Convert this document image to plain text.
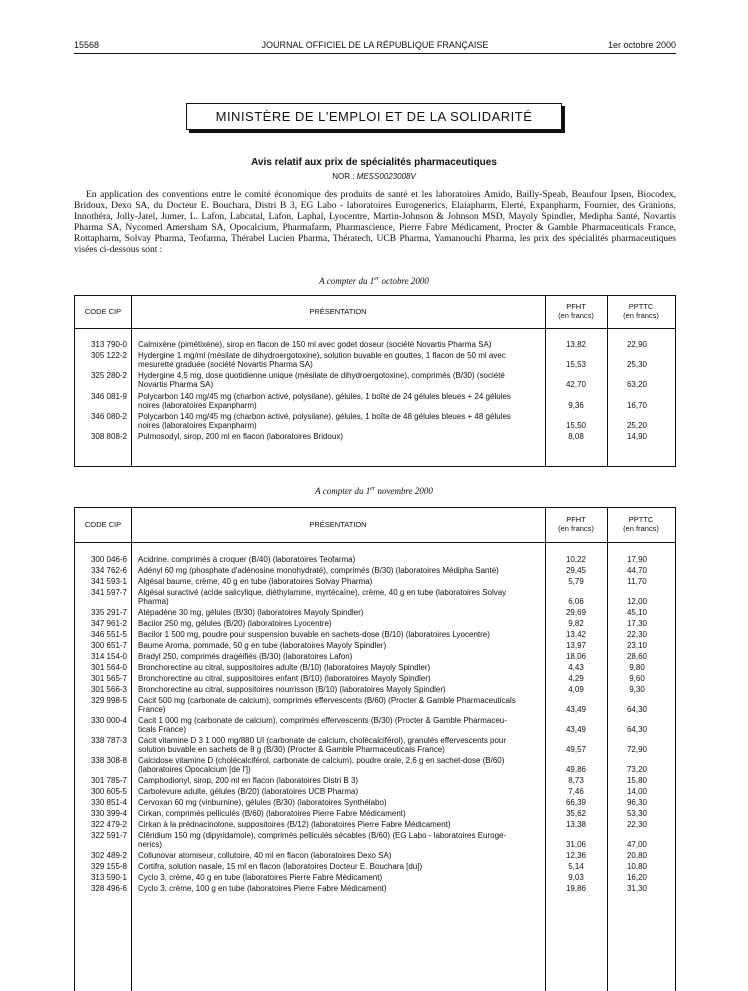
15568	JOURNAL OFFICIEL DE LA RÉPUBLIQUE FRANÇAISE	1er octobre 2000
MINISTÈRE DE L'EMPLOI ET DE LA SOLIDARITÉ
Avis relatif aux prix de spécialités pharmaceutiques
NOR : MESS0023008V
En application des conventions entre le comité économique des produits de santé et les laboratoires Amido, Bailly-Speab, Beaufour Ipsen, Biocodex, Bridoux, Dexo SA, du Docteur E. Bouchara, Distri B 3, EG Labo - laboratoires Eurogenerics, Elaiapharm, Elerté, Expanpharm, Fournier, des Granions, Innothéra, Jolly-Jatel, Jumer, L. Lafon, Labcatal, Lafon, Laphal, Lyocentre, Martin-Johnson & Johnson MSD, Mayoly Spindler, Medipha Santé, Novartis Pharma SA, Nycomed Amersham SA, Opocalcium, Pharmafarm, Pharmascience, Pierre Fabre Médicament, Procter & Gamble Pharmaceuticals France, Rottapharm, Solvay Pharma, Teofarma, Thérabel Lucien Pharma, Thératech, UCB Pharma, Yamanouchi Pharma, les prix des spécialités pharmaceutiques visées ci-dessous sont :
A compter du 1er octobre 2000
CODE CIP	PRÉSENTATION
PFHT
(en francs)
PPTTC
(en francs)
313 790-0 Calmixène (pimétixène), sirop en flacon de 150 ml avec godet doseur (société Novartis Pharma SA)	13,82	22,90
305 122-2 Hydergine 1 mg/ml (mésilate de dihydroergotoxine), solution buvable en gouttes, 1 flacon de 50 ml avec
mesurette graduée (société Novartis Pharma SA)	15,53	25,30
325 280-2 Hydergine 4,5 mg, dose quotidienne unique (mésilate de dihydroergotoxine), comprimés (B/30) (société
Novartis Pharma SA)	42,70	63,20
346 081-9 Polycarbon 140 mg/45 mg (charbon activé, polysilane), gélules, 1 boîte de 24 gélules bleues + 24 gélules
noires (laboratoires Expanpharm)	9,36	16,70
346 080-2 Polycarbon 140 mg/45 mg (charbon activé, polysilane), gélules, 1 boîte de 48 gélules bleues + 48 gélules
noires (laboratoires Expanpharm)	15,50	25,20
308 808-2 Pulmosodyl, sirop, 200 ml en flacon (laboratoires Bridoux)	8,08	14,90
A compter du 1er novembre 2000
CODE CIP	PRÉSENTATION
PFHT
(en francs)
PPTTC
(en francs)
300 046-6 Acidrine, comprimés à croquer (B/40) (laboratoires Teofarma)	10,22	17,90
334 762-6 Adényl 60 mg (phosphate d'adénosine monohydraté), comprimés (B/30) (laboratoires Médipha Santé)	29,45	44,70
341 593-1 Algésal baume, crème, 40 g en tube (laboratoires Solvay Pharma)	5,79	11,70
341 597-7 Algésal suractivé (acide salicylique, diéthylamine, myrtécaïne), crème, 40 g en tube (laboratoires Solvay
Pharma)	6,06	12,00
335 291-7 Atépadène 30 mg, gélules (B/30) (laboratoires Mayoly Spindler)	29,69	45,10
347 961-2 Bacilor 250 mg, gélules (B/20) (laboratoires Lyocentre)	9,82	17,30
346 551-5 Bacilor 1 500 mg, poudre pour suspension buvable en sachets-dose (B/10) (laboratoires Lyocentre)	13,42	22,30
300 651-7 Baume Aroma, pommade, 50 g en tube (laboratoires Mayoly Spindler)	13,97	23,10
314 154-0 Bradyl 250, comprimés dragéifiés (B/30) (laboratoires Lafon)	18,06	28,60
301 564-0 Bronchorectine au citral, suppositoires adulte (B/10) (laboratoires Mayoly Spindler)	4,43	9,80
301 565-7 Bronchorectine au citral, suppositoires enfant (B/10) (laboratoires Mayoly Spindler)	4,29	9,60
301 566-3 Bronchorectine au citral, suppositoires nourrisson (B/10) (laboratoires Mayoly Spindler)	4,09	9,30
329 998-5 Cacit 500 mg (carbonate de calcium), comprimés effervescents (B/60) (Procter & Gamble Pharmaceuticals
France)	43,49	64,30
330 000-4 Cacit 1 000 mg (carbonate de calcium), comprimés effervescents (B/30) (Procter & Gamble Pharmaceu-
ticals France)	43,49	64,30
338 787-3 Cacit vitamine D 3 1 000 mg/880 UI (carbonate de calcium, cholécalciférol), granulés effervescents pour
solution buvable en sachets de 8 g (B/30) (Procter & Gamble Pharmaceuticals France)	49,57	72,90
338 308-8 Calcidose vitamine D (cholécalciférol, carbonate de calcium), poudre orale, 2,6 g en sachet-dose (B/60)
(laboratoires Opocalcium [de l'])	49,86	73,20
301 785-7 Camphodionyl, sirop, 200 ml en flacon (laboratoires Distri B 3)	8,73	15,80
300 605-5 Carbolevure adulte, gélules (B/20) (laboratoires UCB Pharma)	7,46	14,00
330 851-4 Cervoxan 60 mg (vinburnine), gélules (B/30) (laboratoires Synthélabo)	66,39	96,30
330 399-4 Cirkan, comprimés pelliculés (B/60) (laboratoires Pierre Fabre Médicament)	35,62	53,30
322 479-2 Cirkan à la prédnacinolone, suppositoires (B/12) (laboratoires Pierre Fabre Médicament)	13,38	22,30
322 591-7 Clêridium 150 mg (dipyridamole), comprimés pelliculés sécables (B/60) (EG Labo - laboratoires Euroge-
nerics)	31,06	47,00
302 489-2 Collunovar atomiseur, collutoire, 40 ml en flacon (laboratoires Dexo SA)	12,36	20,80
329 155-8 Cortifra, solution nasale, 15 ml en flacon (laboratoires Docteur E. Bouchara [du])	5,14	10,80
313 590-1 Cyclo 3, crème, 40 g en tube (laboratoires Pierre Fabre Médicament)	9,03	16,20
328 496-6 Cyclo 3, crème, 100 g en tube (laboratoires Pierre Fabre Médicament)	19,86	31,30
